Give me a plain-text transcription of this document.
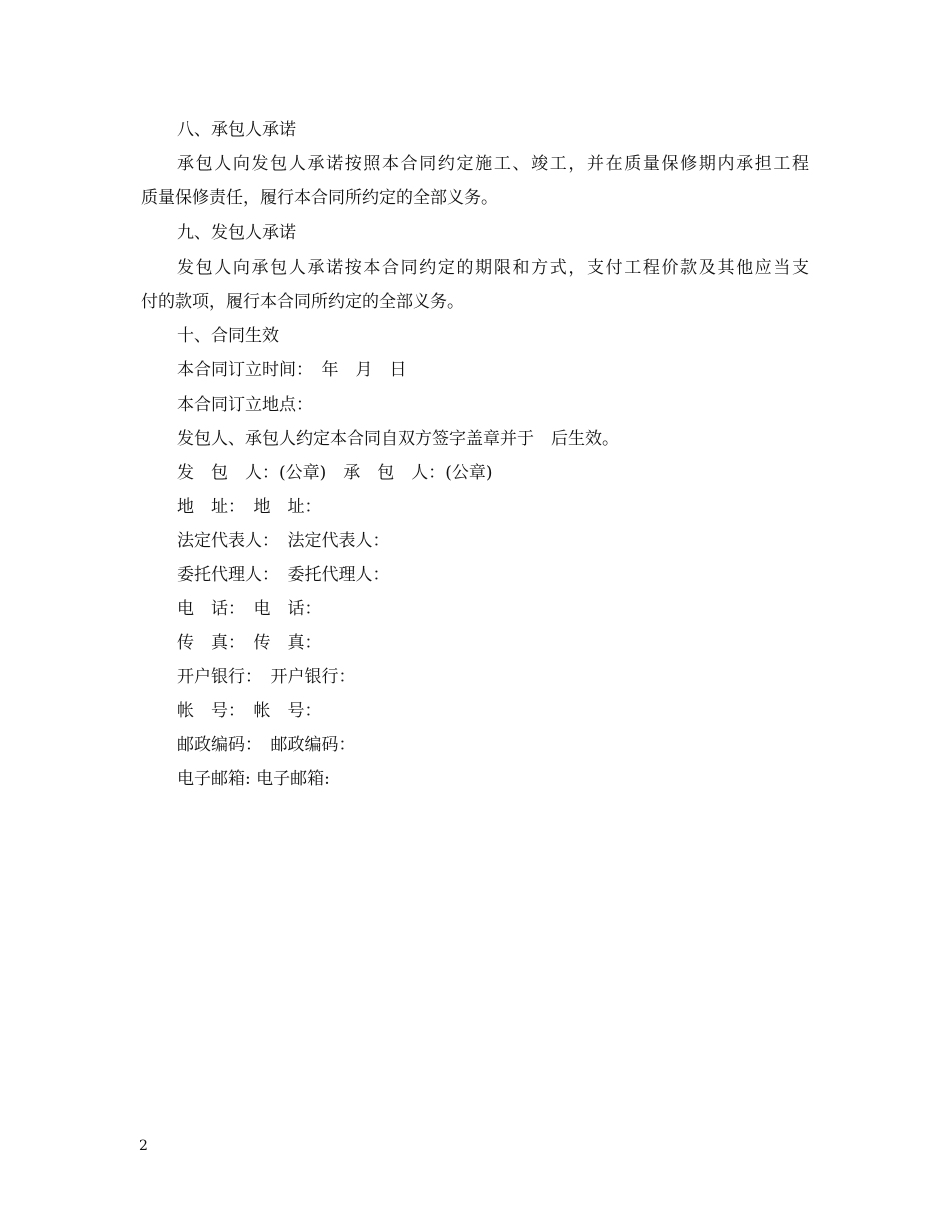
八、承包人承诺

承包人向发包人承诺按照本合同约定施工、竣工，并在质量保修期内承担工程

质量保修责任，履行本合同所约定的全部义务。

九、发包人承诺

发包人向承包人承诺按本合同约定的期限和方式，支付工程价款及其他应当支

付的款项，履行本合同所约定的全部义务。

十、合同生效

本合同订立时间：　年　月　日

本合同订立地点：

发包人、承包人约定本合同自双方签字盖章并于　后生效。

发　包　人：(公章)　承　包　人：(公章)

地　址：　地　址：

法定代表人：　法定代表人：

委托代理人：　委托代理人：

电　话：　电　话：

传　真：　传　真：

开户银行：　开户银行：

帐　号：　帐　号：

邮政编码：　邮政编码：

电子邮箱: 电子邮箱:

2
